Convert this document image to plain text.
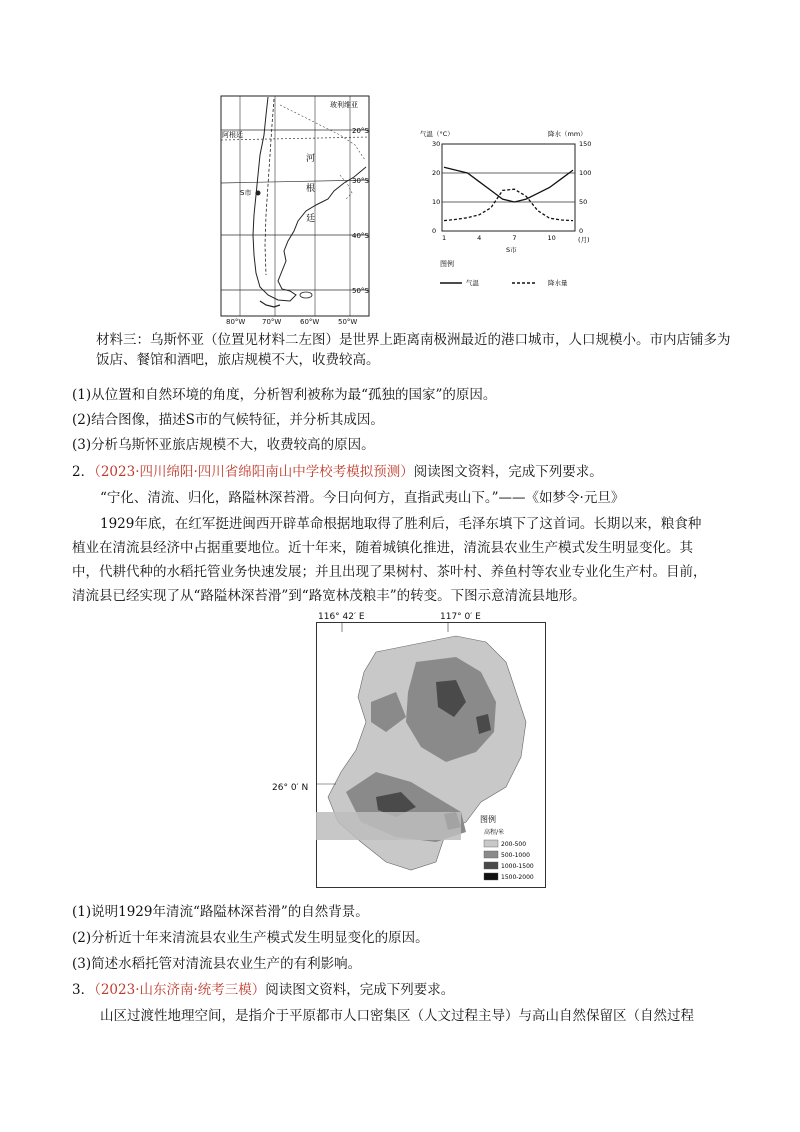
玻利维亚
阿根廷
S市
河
根
廷
20°S
30°S
40°S
50°S
80°W 70°W	60°W	50°W
气温（°C）	降水（mm）
30
20
10
0
150
100
50
0
1	4	7	10
S市
(月)
图例
气温	降水量
材料三：乌斯怀亚（位置见材料二左图）是世界上距离南极洲最近的港口城市，人口规模小。市内店铺多为饭店、餐馆和酒吧，旅店规模不大，收费较高。
(1)从位置和自然环境的角度，分析智利被称为最“孤独的国家”的原因。
(2)结合图像，描述S市的气候特征，并分析其成因。
(3)分析乌斯怀亚旅店规模不大，收费较高的原因。
2．（2023·四川绵阳·四川省绵阳南山中学校考模拟预测）阅读图文资料，完成下列要求。
“宁化、清流、归化，路隘林深苔滑。今日向何方，直指武夷山下。”——《如梦令·元旦》
1929年底，在红军挺进闽西开辟革命根据地取得了胜利后，毛泽东填下了这首词。长期以来，粮食种
植业在清流县经济中占据重要地位。近十年来，随着城镇化推进，清流县农业生产模式发生明显变化。其
中，代耕代种的水稻托管业务快速发展；并且出现了果树村、茶叶村、养鱼村等农业专业化生产村。目前，
清流县已经实现了从“路隘林深苔滑”到“路宽林茂粮丰”的转变。下图示意清流县地形。
116° 42′ E	117° 0′ E
26° 0′ N
图例
高程/米
200-500
500-1000
1000-1500
1500-2000
(1)说明1929年清流“路隘林深苔滑”的自然背景。
(2)分析近十年来清流县农业生产模式发生明显变化的原因。
(3)简述水稻托管对清流县农业生产的有利影响。
3．（2023·山东济南·统考三模）阅读图文资料，完成下列要求。
山区过渡性地理空间，是指介于平原都市人口密集区（人文过程主导）与高山自然保留区（自然过程
